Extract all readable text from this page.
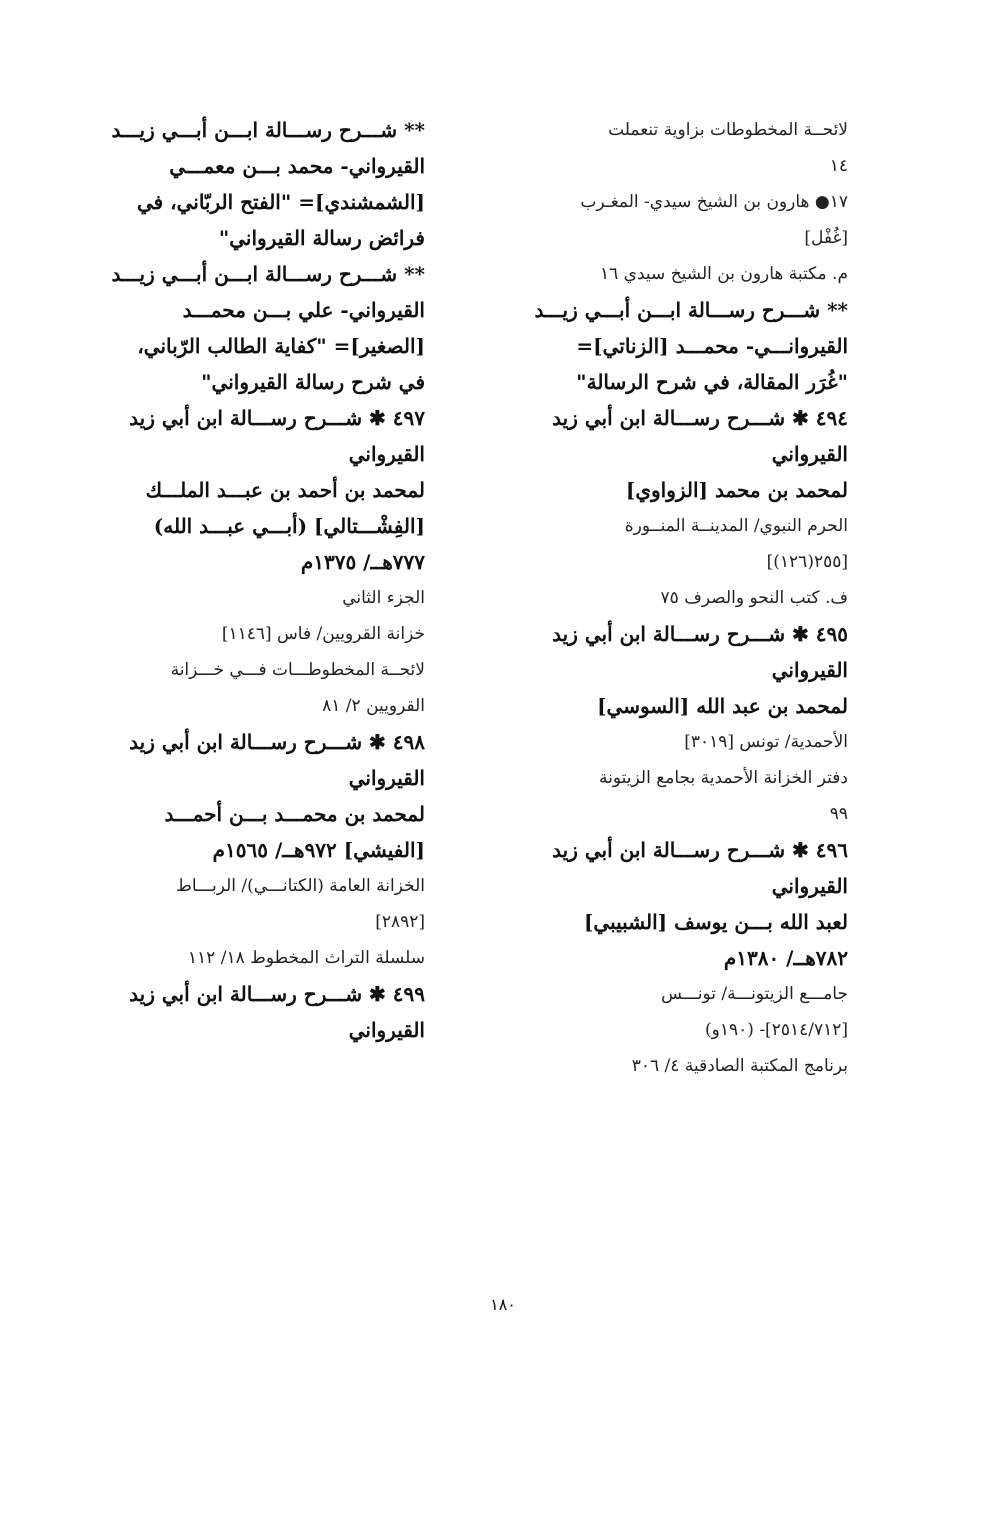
لائحــة المخطوطات بزاوية تنعملت
١٤
١٧● هارون بن الشيخ سيدي- المغـرب
[غُفْل]
م. مكتبة هارون بن الشيخ سيدي ١٦
** شـــرح رســـالة ابـــن أبـــي زيـــد
القيروانـــي- محمـــد [الزناتي]=
"غُرَر المقالة، في شرح الرسالة"
٤٩٤ ✱ شـــرح رســـالة ابن أبي زيد
القيرواني
لمحمد بن محمد [الزواوي]
الحرم النبوي/ المدينــة المنــورة
[٢٥٥(١٢٦)]
ف. كتب النحو والصرف ٧٥
٤٩٥ ✱ شـــرح رســـالة ابن أبي زيد
القيرواني
لمحمد بن عبد الله [السوسي]
الأحمدية/ تونس [٣٠١٩]
دفتر الخزانة الأحمدية بجامع الزيتونة
٩٩
٤٩٦ ✱ شـــرح رســـالة ابن أبي زيد
القيرواني
لعبد الله بـــن يوسف [الشبيبي]
٧٨٢هــ/ ١٣٨٠م
جامـــع الزيتونـــة/ تونـــس
[٢٥١٤/٧١٢]- (١٩٠و)
برنامج المكتبة الصادقية ٤/ ٣٠٦
** شـــرح رســـالة ابـــن أبـــي زيـــد
القيرواني- محمد بـــن معمـــي
[الشمشندي]= "الفتح الربّاني، في
فرائض رسالة القيرواني"
** شـــرح رســـالة ابـــن أبـــي زيـــد
القيرواني- علي بـــن محمـــد
[الصغير]= "كفاية الطالب الرّباني،
في شرح رسالة القيرواني"
٤٩٧ ✱ شـــرح رســـالة ابن أبي زيد
القيرواني
لمحمد بن أحمد بن عبـــد الملـــك
[الفِشْـــتالي] (أبـــي عبـــد الله)
٧٧٧هــ/ ١٣٧٥م
الجزء الثاني
خزانة القرويين/ فاس [١١٤٦]
لائحــة المخطوطـــات فـــي خـــزانة
القرويين ٢/ ٨١
٤٩٨ ✱ شـــرح رســـالة ابن أبي زيد
القيرواني
لمحمد بن محمـــد بـــن أحمـــد
[الفيشي] ٩٧٢هــ/ ١٥٦٥م
الخزانة العامة (الكتانـــي)/ الربـــاط
[٢٨٩٢]
سلسلة التراث المخطوط ١٨/ ١١٢
٤٩٩ ✱ شـــرح رســـالة ابن أبي زيد
القيرواني
١٨٠
